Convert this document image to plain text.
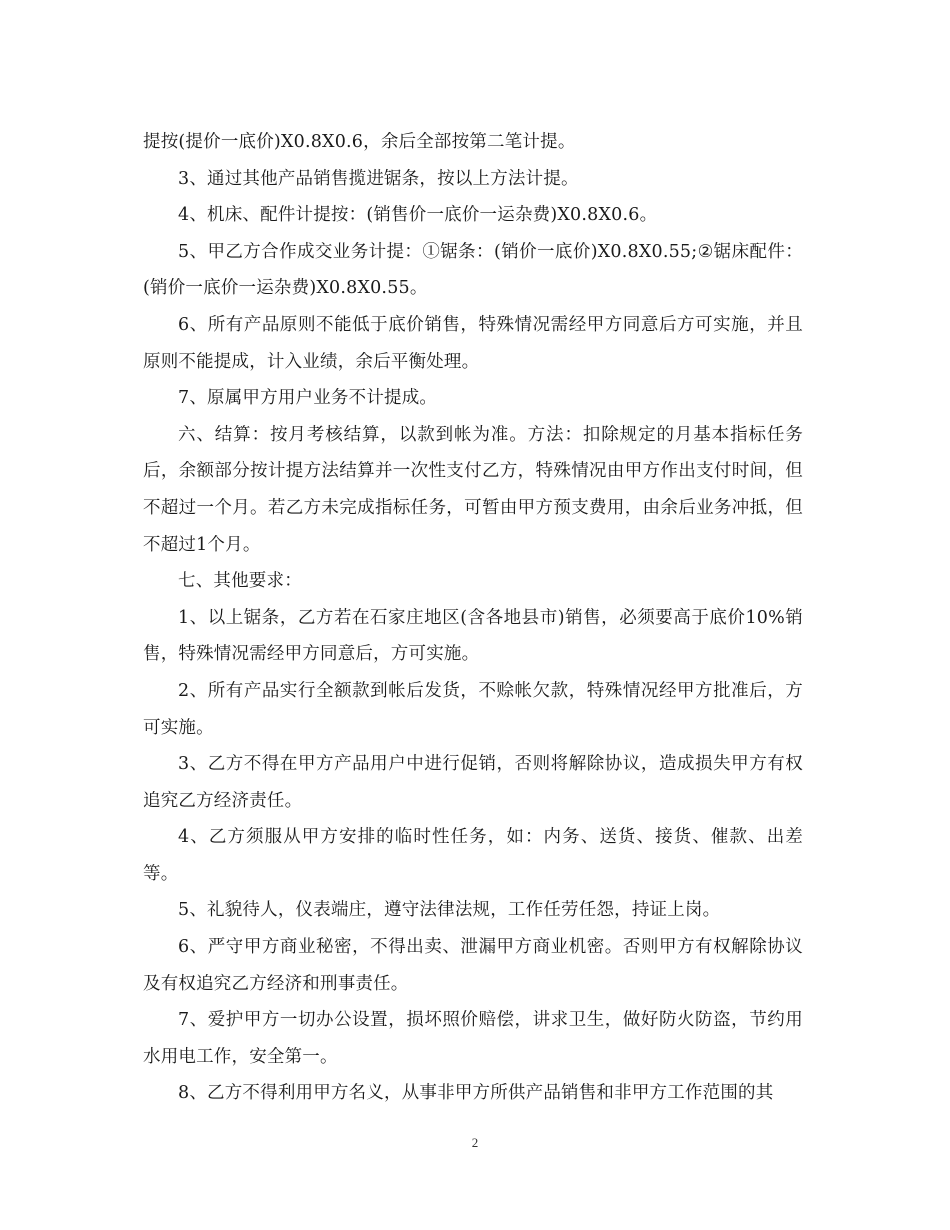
提按(提价一底价)X0.8X0.6，余后全部按第二笔计提。

3、通过其他产品销售揽进锯条，按以上方法计提。

4、机床、配件计提按：(销售价一底价一运杂费)X0.8X0.6。

5、甲乙方合作成交业务计提：①锯条：(销价一底价)X0.8X0.55;②锯床配件：(销价一底价一运杂费)X0.8X0.55。

6、所有产品原则不能低于底价销售，特殊情况需经甲方同意后方可实施，并且原则不能提成，计入业绩，余后平衡处理。

7、原属甲方用户业务不计提成。

六、结算：按月考核结算，以款到帐为准。方法：扣除规定的月基本指标任务后，余额部分按计提方法结算并一次性支付乙方，特殊情况由甲方作出支付时间，但不超过一个月。若乙方未完成指标任务，可暂由甲方预支费用，由余后业务冲抵，但不超过1个月。

七、其他要求：

1、以上锯条，乙方若在石家庄地区(含各地县市)销售，必须要高于底价10%销售，特殊情况需经甲方同意后，方可实施。

2、所有产品实行全额款到帐后发货，不赊帐欠款，特殊情况经甲方批准后，方可实施。

3、乙方不得在甲方产品用户中进行促销，否则将解除协议，造成损失甲方有权追究乙方经济责任。

4、乙方须服从甲方安排的临时性任务，如：内务、送货、接货、催款、出差等。

5、礼貌待人，仪表端庄，遵守法律法规，工作任劳任怨，持证上岗。

6、严守甲方商业秘密，不得出卖、泄漏甲方商业机密。否则甲方有权解除协议及有权追究乙方经济和刑事责任。

7、爱护甲方一切办公设置，损坏照价赔偿，讲求卫生，做好防火防盗，节约用水用电工作，安全第一。

8、乙方不得利用甲方名义，从事非甲方所供产品销售和非甲方工作范围的其

2
